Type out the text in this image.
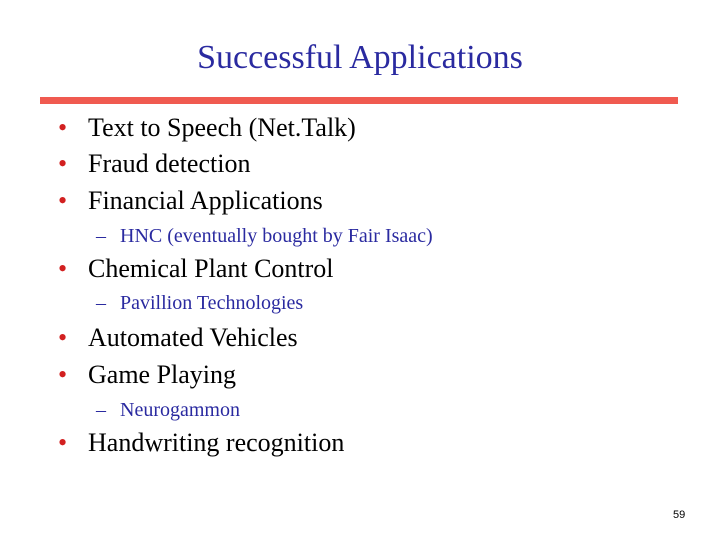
Successful Applications
• Text to Speech (Net.Talk)
• Fraud detection
• Financial Applications
– HNC (eventually bought by Fair Isaac)
• Chemical Plant Control
– Pavillion Technologies
• Automated Vehicles
• Game Playing
– Neurogammon
• Handwriting recognition
59
